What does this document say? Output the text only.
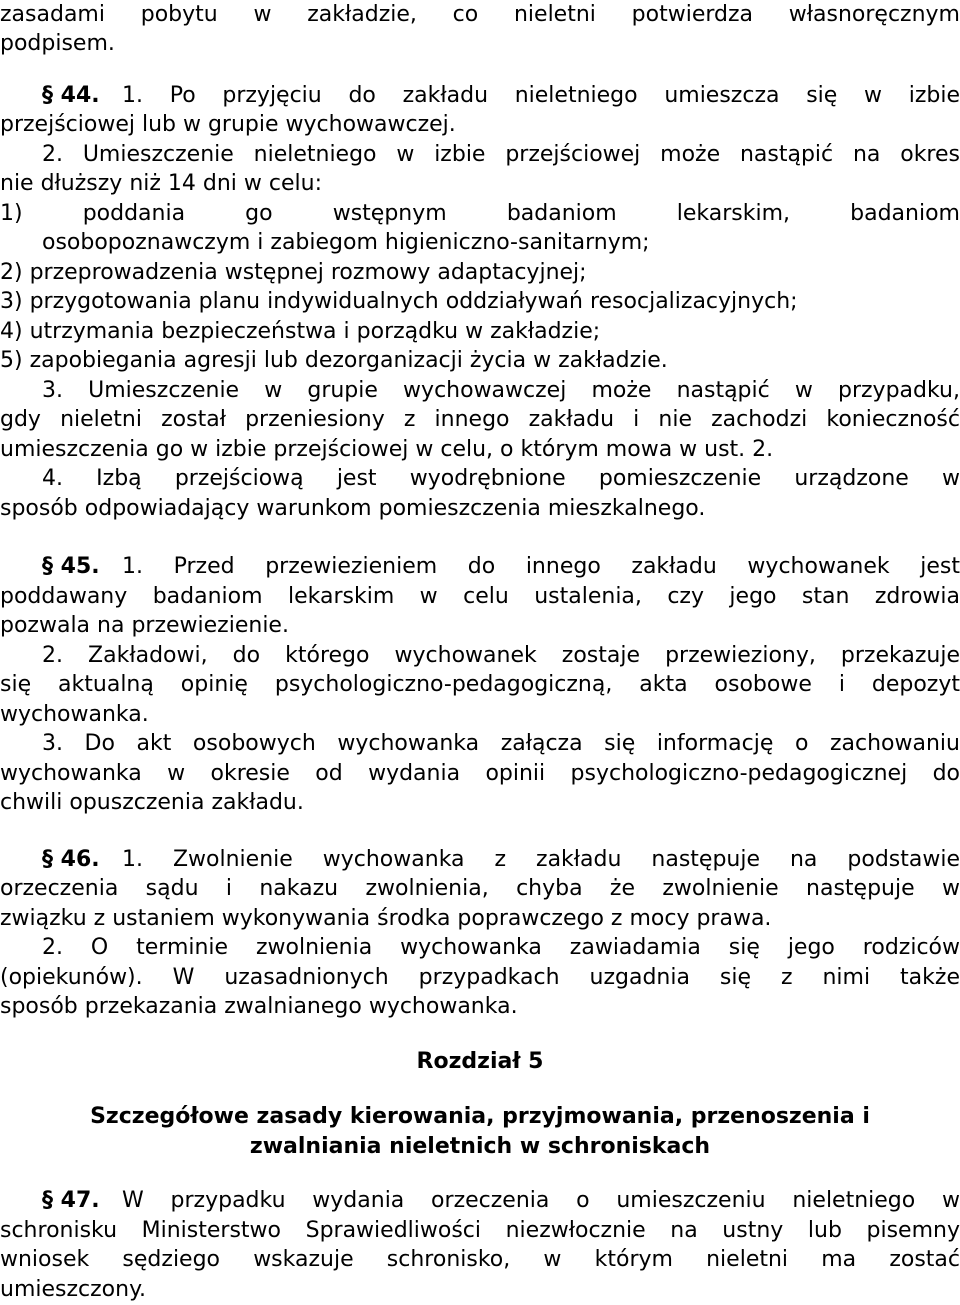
zasadami pobytu w zakładzie, co nieletni potwierdza własnoręcznym
podpisem.
§ 44. 1. Po przyjęciu do zakładu nieletniego umieszcza się w izbie
przejściowej lub w grupie wychowawczej.
2. Umieszczenie nieletniego w izbie przejściowej może nastąpić na okres
nie dłuższy niż 14 dni w celu:
1) poddania go wstępnym badaniom lekarskim, badaniom
osobopoznawczym i zabiegom higieniczno-sanitarnym;
2) przeprowadzenia wstępnej rozmowy adaptacyjnej;
3) przygotowania planu indywidualnych oddziaływań resocjalizacyjnych;
4) utrzymania bezpieczeństwa i porządku w zakładzie;
5) zapobiegania agresji lub dezorganizacji życia w zakładzie.
3. Umieszczenie w grupie wychowawczej może nastąpić w przypadku,
gdy nieletni został przeniesiony z innego zakładu i nie zachodzi konieczność
umieszczenia go w izbie przejściowej w celu, o którym mowa w ust. 2.
4. Izbą przejściową jest wyodrębnione pomieszczenie urządzone w
sposób odpowiadający warunkom pomieszczenia mieszkalnego.
§ 45. 1. Przed przewiezieniem do innego zakładu wychowanek jest
poddawany badaniom lekarskim w celu ustalenia, czy jego stan zdrowia
pozwala na przewiezienie.
2. Zakładowi, do którego wychowanek zostaje przewieziony, przekazuje
się aktualną opinię psychologiczno-pedagogiczną, akta osobowe i depozyt
wychowanka.
3. Do akt osobowych wychowanka załącza się informację o zachowaniu
wychowanka w okresie od wydania opinii psychologiczno-pedagogicznej do
chwili opuszczenia zakładu.
§ 46. 1. Zwolnienie wychowanka z zakładu następuje na podstawie
orzeczenia sądu i nakazu zwolnienia, chyba że zwolnienie następuje w
związku z ustaniem wykonywania środka poprawczego z mocy prawa.
2. O terminie zwolnienia wychowanka zawiadamia się jego rodziców
(opiekunów). W uzasadnionych przypadkach uzgadnia się z nimi także
sposób przekazania zwalnianego wychowanka.
Rozdział 5
Szczegółowe zasady kierowania, przyjmowania, przenoszenia i
zwalniania nieletnich w schroniskach
§ 47. W przypadku wydania orzeczenia o umieszczeniu nieletniego w
schronisku Ministerstwo Sprawiedliwości niezwłocznie na ustny lub pisemny
wniosek sędziego wskazuje schronisko, w którym nieletni ma zostać
umieszczony.
